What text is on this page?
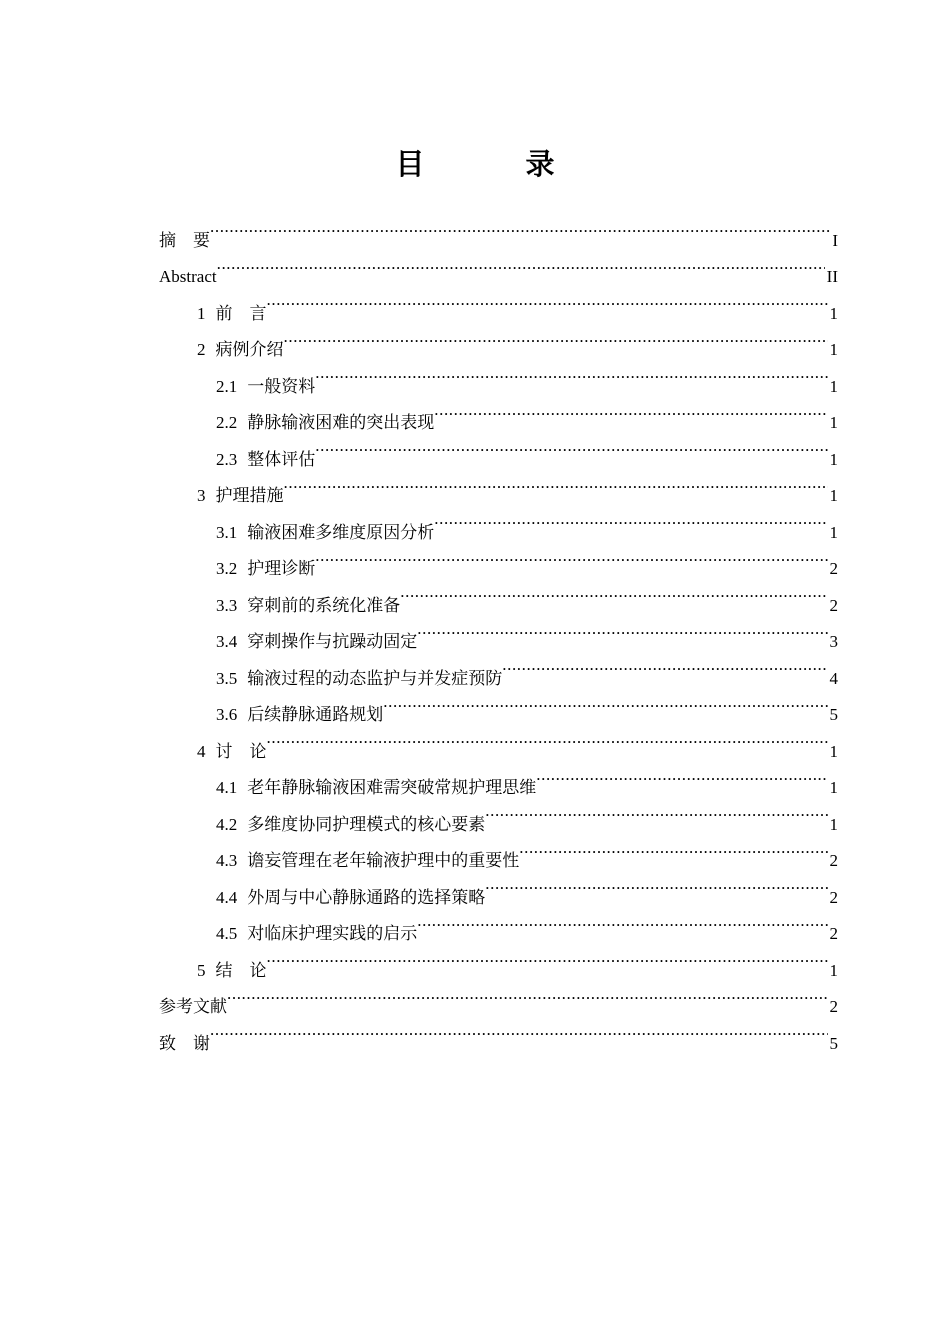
目　录
摘　要 .....	I
Abstract .....	II
1 前　言 .....	1
2 病例介绍 .....	1
2.1 一般资料 .....	1
2.2 静脉输液困难的突出表现 .....	1
2.3 整体评估 .....	1
3 护理措施 .....	1
3.1 输液困难多维度原因分析 .....	1
3.2 护理诊断 .....	2
3.3 穿刺前的系统化准备 .....	2
3.4 穿刺操作与抗躁动固定 .....	3
3.5 输液过程的动态监护与并发症预防 .....	4
3.6 后续静脉通路规划 .....	5
4 讨　论 .....	1
4.1 老年静脉输液困难需突破常规护理思维 .....	1
4.2 多维度协同护理模式的核心要素 .....	1
4.3 谵妄管理在老年输液护理中的重要性 .....	2
4.4 外周与中心静脉通路的选择策略 .....	2
4.5 对临床护理实践的启示 .....	2
5 结　论 .....	1
参考文献 .....	2
致　谢 .....	5
